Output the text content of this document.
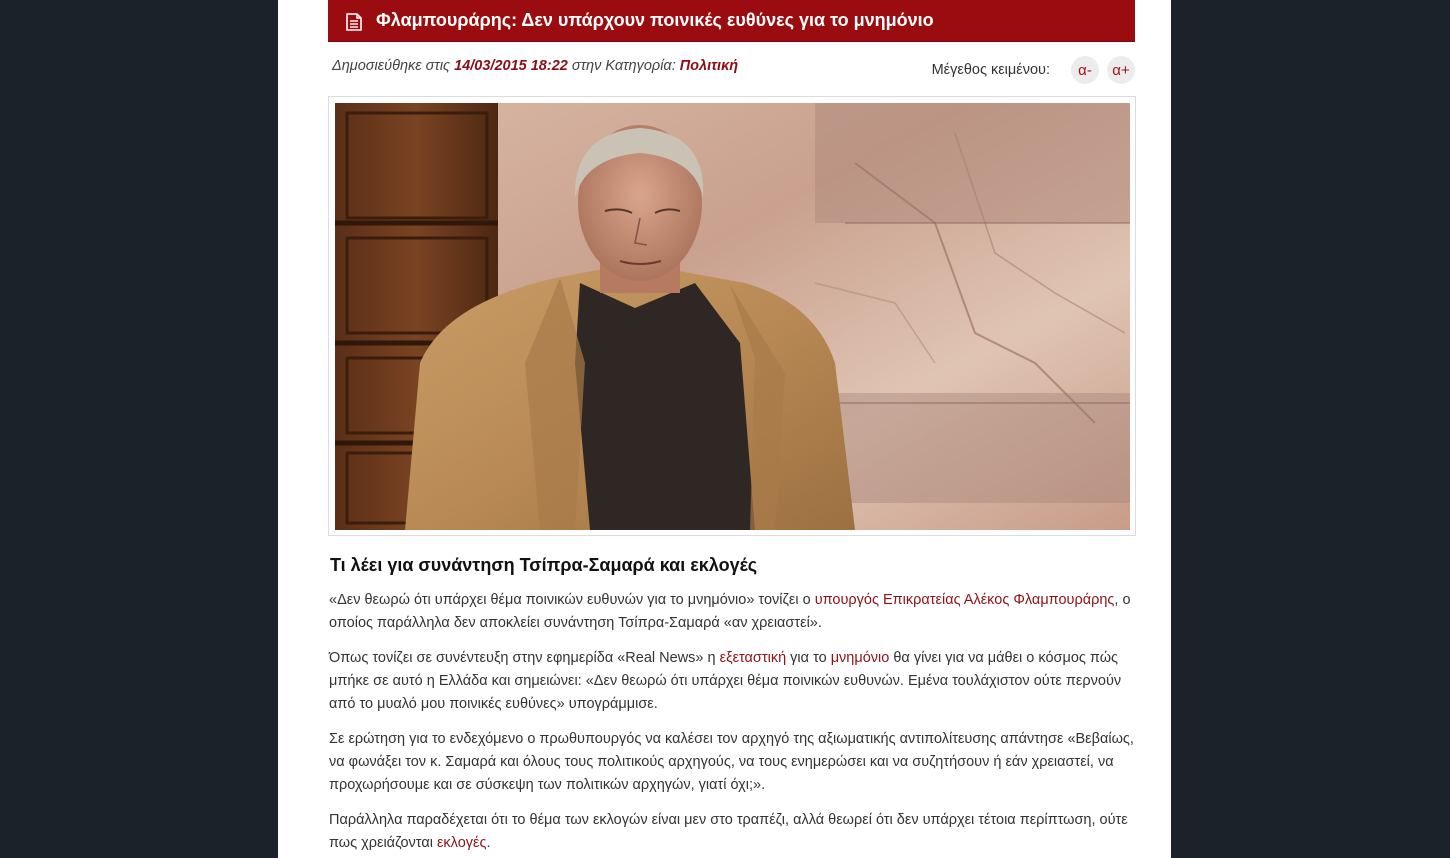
Φλαμπουράρης: Δεν υπάρχουν ποινικές ευθύνες για το μνημόνιο
Δημοσιεύθηκε στις 14/03/2015 18:22 στην Κατηγορία: Πολιτική	Μέγεθος κειμένου:	α-	α+
Τι λέει για συνάντηση Τσίπρα-Σαμαρά και εκλογές

«Δεν θεωρώ ότι υπάρχει θέμα ποινικών ευθυνών για το μνημόνιο» τονίζει ο υπουργός Επικρατείας Αλέκος Φλαμπουράρης, ο οποίος παράλληλα δεν αποκλείει συνάντηση Τσίπρα-Σαμαρά «αν χρειαστεί».

Όπως τονίζει σε συνέντευξη στην εφημερίδα «Real News» η εξεταστική για το μνημόνιο θα γίνει για να μάθει ο κόσμος πώς μπήκε σε αυτό η Ελλάδα και σημειώνει: «Δεν θεωρώ ότι υπάρχει θέμα ποινικών ευθυνών. Εμένα τουλάχιστον ούτε περνούν από το μυαλό μου ποινικές ευθύνες» υπογράμμισε.

Σε ερώτηση για το ενδεχόμενο ο πρωθυπουργός να καλέσει τον αρχηγό της αξιωματικής αντιπολίτευσης απάντησε «Βεβαίως, να φωνάξει τον κ. Σαμαρά και όλους τους πολιτικούς αρχηγούς, να τους ενημερώσει και να συζητήσουν ή εάν χρειαστεί, να προχωρήσουμε και σε σύσκεψη των πολιτικών αρχηγών, γιατί όχι;».

Παράλληλα παραδέχεται ότι το θέμα των εκλογών είναι μεν στο τραπέζι, αλλά θεωρεί ότι δεν υπάρχει τέτοια περίπτωση, ούτε πως χρειάζονται εκλογές.
